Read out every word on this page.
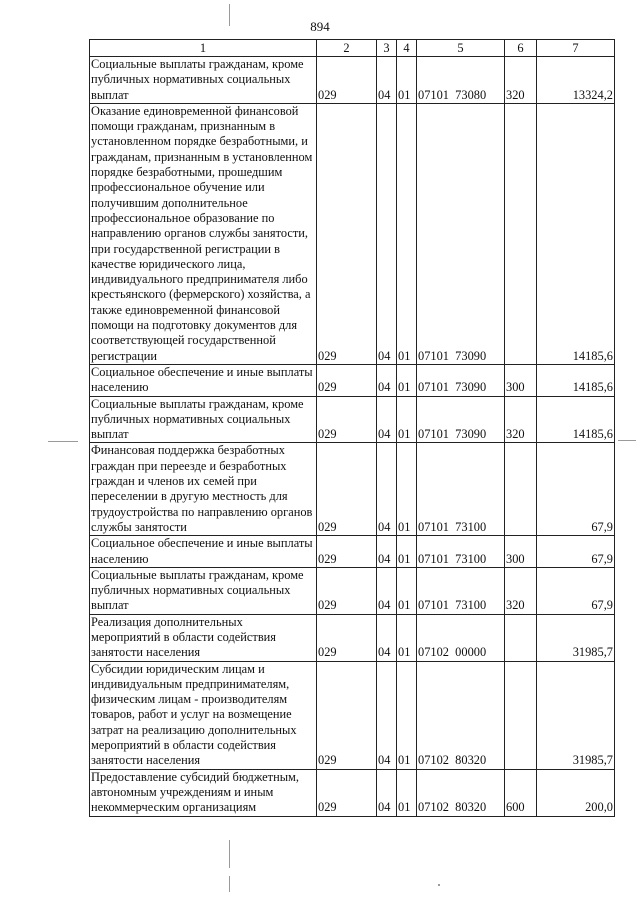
894
1	2	3	4	5	6	7
Социальные выплаты гражданам, кроме публичных нормативных социальных выплат	029	04	01	07101  73080	320	13324,2
Оказание единовременной финансовой помощи гражданам, признанным в установленном порядке безработными, и гражданам, признанным в установленном порядке безработными, прошедшим профессиональное обучение или получившим дополнительное профессиональное образование по направлению органов службы занятости, при государственной регистрации в качестве юридического лица, индивидуального предпринимателя либо крестьянского (фермерского) хозяйства, а также единовременной финансовой помощи на подготовку документов для соответствующей государственной регистрации	029	04	01	07101  73090		14185,6
Социальное обеспечение и иные выплаты населению	029	04	01	07101  73090	300	14185,6
Социальные выплаты гражданам, кроме публичных нормативных социальных выплат	029	04	01	07101  73090	320	14185,6
Финансовая поддержка безработных граждан при переезде и безработных граждан и членов их семей при переселении в другую местность для трудоустройства по направлению органов службы занятости	029	04	01	07101  73100		67,9
Социальное обеспечение и иные выплаты населению	029	04	01	07101  73100	300	67,9
Социальные выплаты гражданам, кроме публичных нормативных социальных выплат	029	04	01	07101  73100	320	67,9
Реализация дополнительных мероприятий в области содействия занятости населения	029	04	01	07102  00000		31985,7
Субсидии юридическим лицам и индивидуальным предпринимателям, физическим лицам - производителям товаров, работ и услуг на возмещение затрат на реализацию дополнительных мероприятий в области содействия занятости населения	029	04	01	07102  80320		31985,7
Предоставление субсидий бюджетным, автономным учреждениям и иным некоммерческим организациям	029	04	01	07102  80320	600	200,0
